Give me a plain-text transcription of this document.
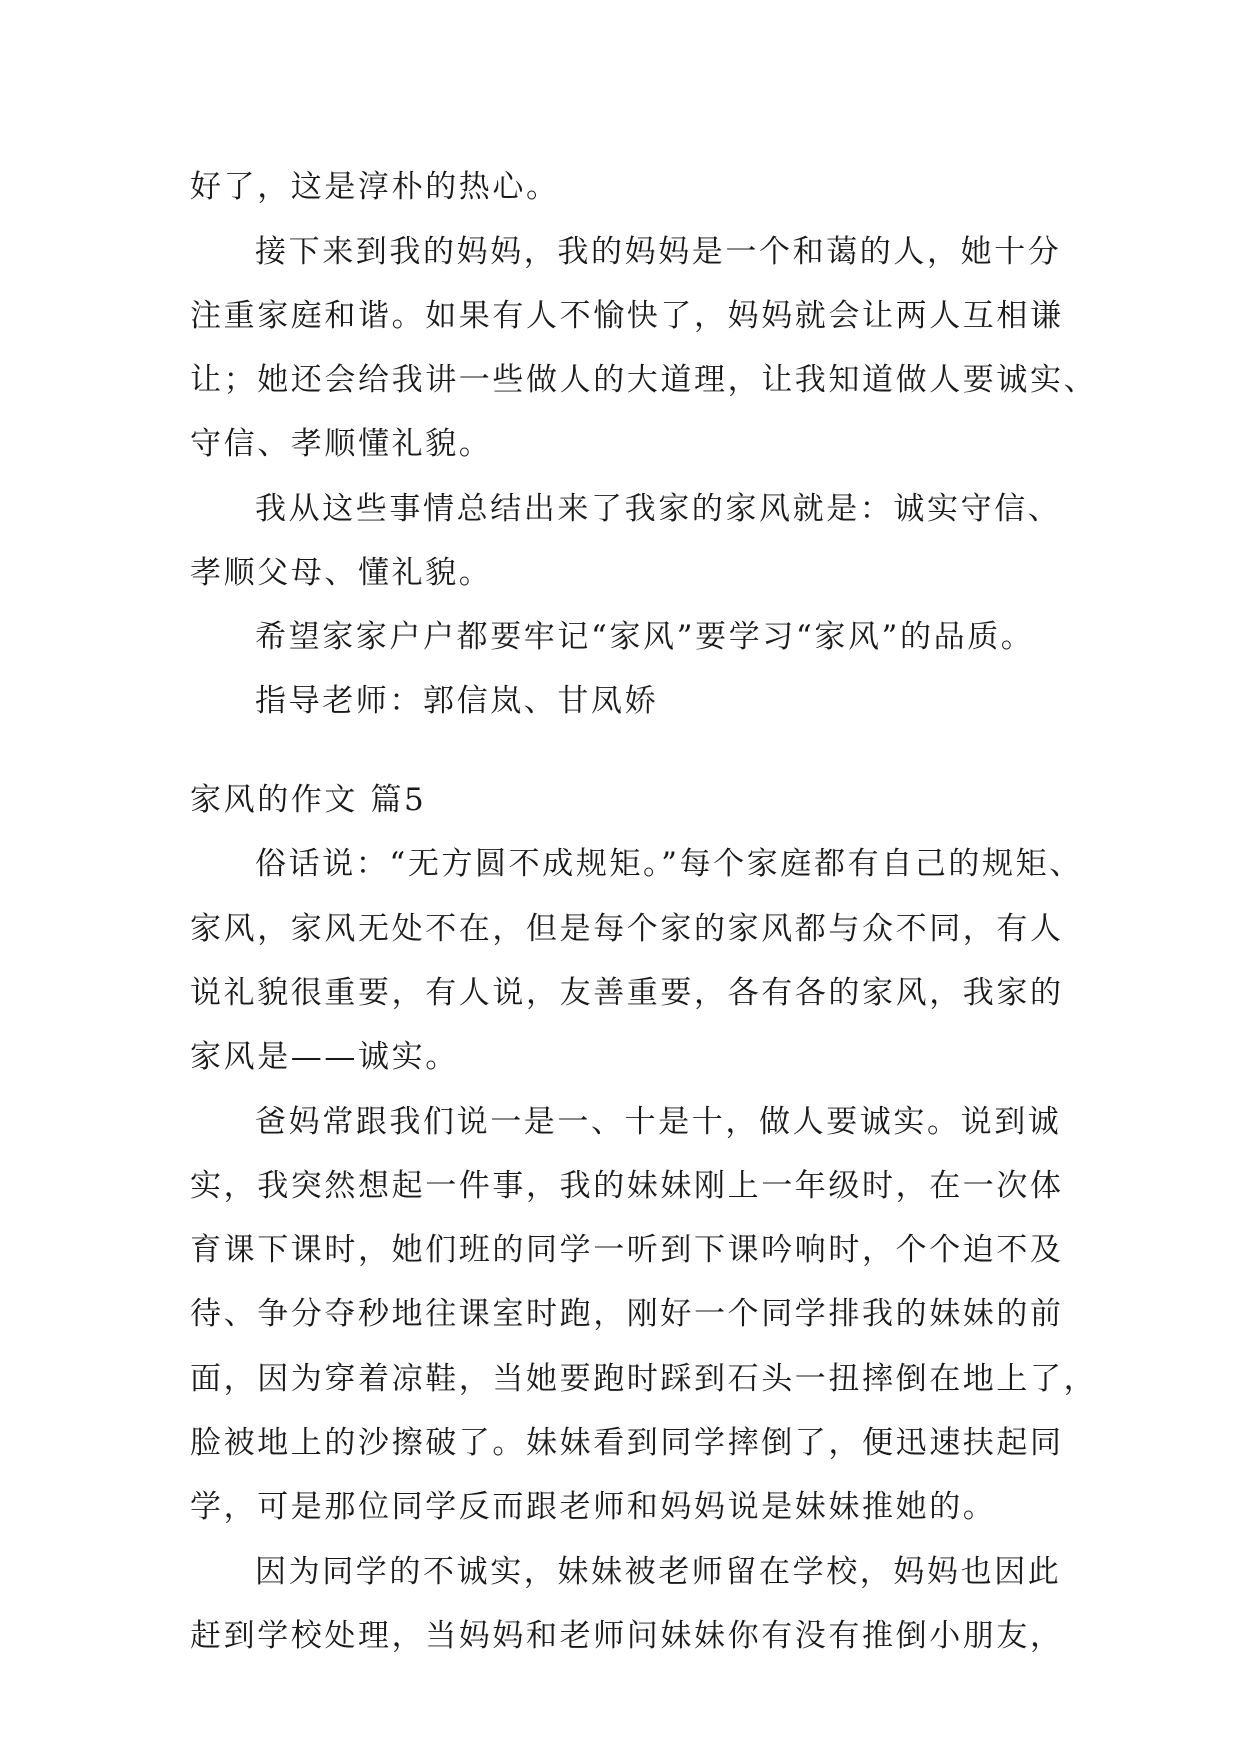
好了，这是淳朴的热心。
接下来到我的妈妈，我的妈妈是一个和蔼的人，她十分
注重家庭和谐。如果有人不愉快了，妈妈就会让两人互相谦
让；她还会给我讲一些做人的大道理，让我知道做人要诚实、
守信、孝顺懂礼貌。
我从这些事情总结出来了我家的家风就是：诚实守信、
孝顺父母、懂礼貌。
希望家家户户都要牢记“家风”要学习“家风”的品质。
指导老师：郭信岚、甘凤娇
家风的作文 篇5
俗话说：“无方圆不成规矩。”每个家庭都有自己的规矩、
家风，家风无处不在，但是每个家的家风都与众不同，有人
说礼貌很重要，有人说，友善重要，各有各的家风，我家的
家风是——诚实。
爸妈常跟我们说一是一、十是十，做人要诚实。说到诚
实，我突然想起一件事，我的妹妹刚上一年级时，在一次体
育课下课时，她们班的同学一听到下课吟响时，个个迫不及
待、争分夺秒地往课室时跑，刚好一个同学排我的妹妹的前
面，因为穿着凉鞋，当她要跑时踩到石头一扭摔倒在地上了，
脸被地上的沙擦破了。妹妹看到同学摔倒了，便迅速扶起同
学，可是那位同学反而跟老师和妈妈说是妹妹推她的。
因为同学的不诚实，妹妹被老师留在学校，妈妈也因此
赶到学校处理，当妈妈和老师问妹妹你有没有推倒小朋友，
